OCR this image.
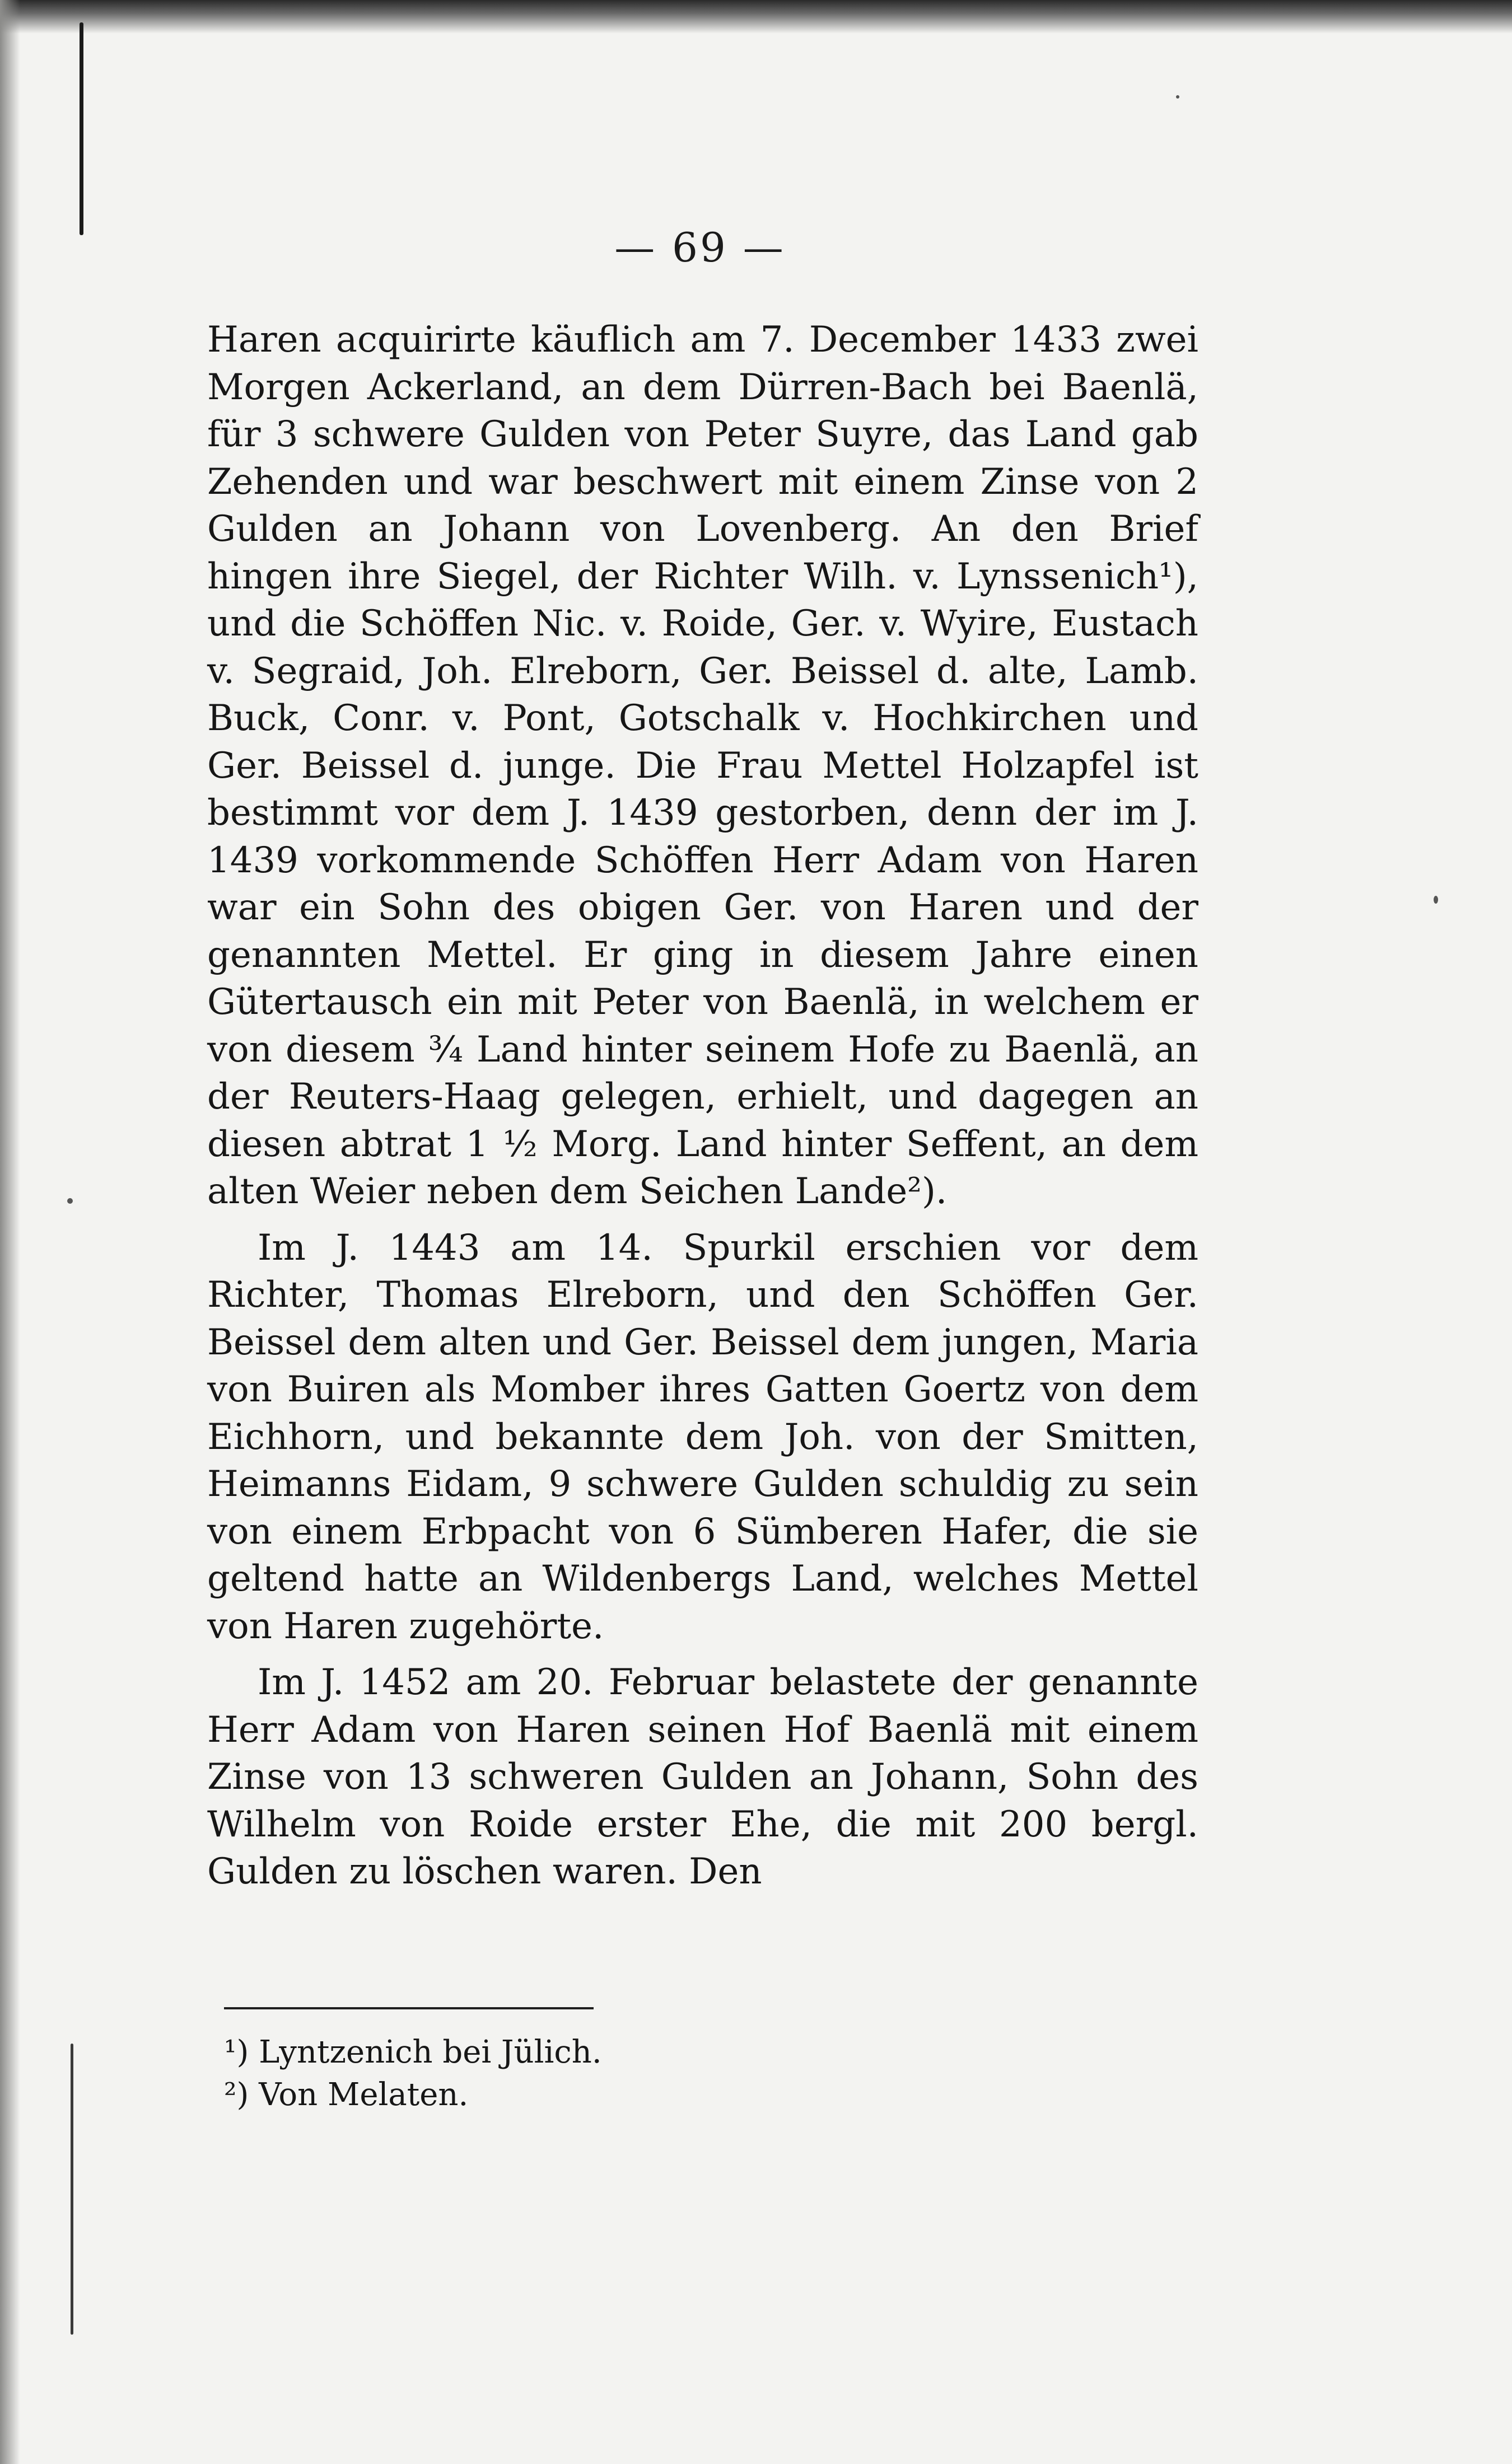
— 69 —

Haren acquirirte käuflich am 7. December 1433 zwei Morgen Ackerland, an dem Dürren-Bach bei Baenlä, für 3 schwere Gulden von Peter Suyre, das Land gab Zehenden und war beschwert mit einem Zinse von 2 Gulden an Johann von Lovenberg. An den Brief hingen ihre Siegel, der Richter Wilh. v. Lynssenich¹), und die Schöffen Nic. v. Roide, Ger. v. Wyire, Eustach v. Segraid, Joh. Elreborn, Ger. Beissel d. alte, Lamb. Buck, Conr. v. Pont, Gotschalk v. Hochkirchen und Ger. Beissel d. junge. Die Frau Mettel Holzapfel ist bestimmt vor dem J. 1439 gestorben, denn der im J. 1439 vorkommende Schöffen Herr Adam von Haren war ein Sohn des obigen Ger. von Haren und der genannten Mettel. Er ging in diesem Jahre einen Gütertausch ein mit Peter von Baenlä, in welchem er von diesem ¾ Land hinter seinem Hofe zu Baenlä, an der Reuters-Haag gelegen, erhielt, und dagegen an diesen abtrat 1 ½ Morg. Land hinter Seffent, an dem alten Weier neben dem Seichen Lande²).

Im J. 1443 am 14. Spurkil erschien vor dem Richter, Thomas Elreborn, und den Schöffen Ger. Beissel dem alten und Ger. Beissel dem jungen, Maria von Buiren als Momber ihres Gatten Goertz von dem Eichhorn, und bekannte dem Joh. von der Smitten, Heimanns Eidam, 9 schwere Gulden schuldig zu sein von einem Erbpacht von 6 Sümberen Hafer, die sie geltend hatte an Wildenbergs Land, welches Mettel von Haren zugehörte.

Im J. 1452 am 20. Februar belastete der genannte Herr Adam von Haren seinen Hof Baenlä mit einem Zinse von 13 schweren Gulden an Johann, Sohn des Wilhelm von Roide erster Ehe, die mit 200 bergl. Gulden zu löschen waren. Den

¹) Lyntzenich bei Jülich.

²) Von Melaten.
